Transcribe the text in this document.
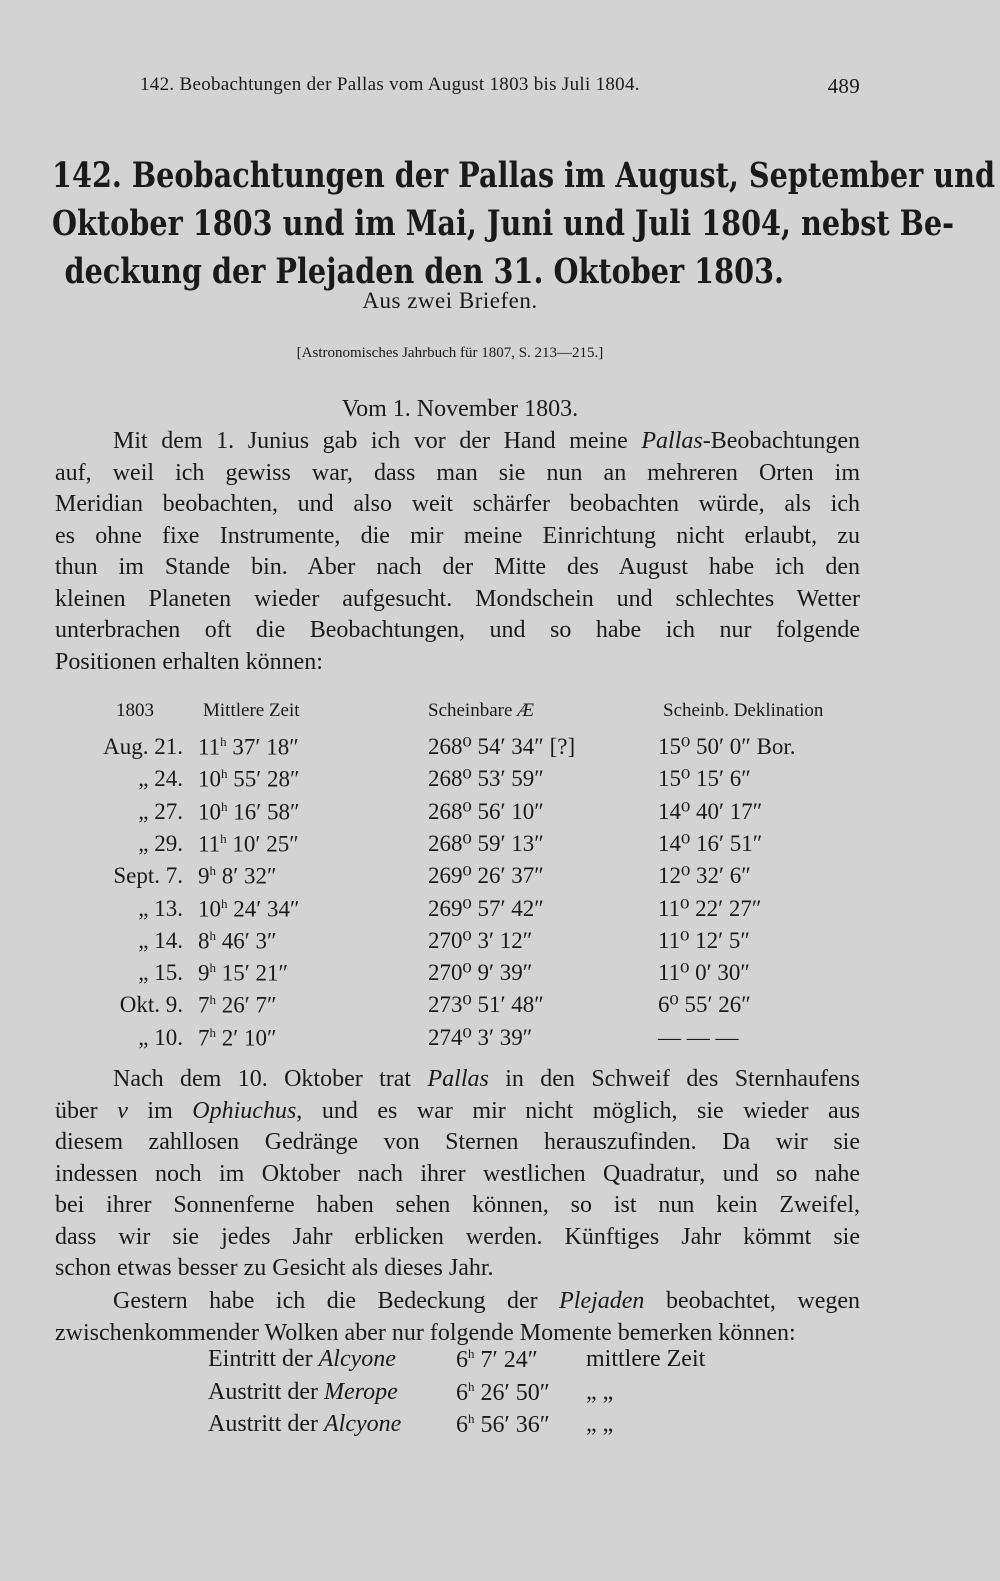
142. Beobachtungen der Pallas vom August 1803 bis Juli 1804.	489
142. Beobachtungen der Pallas im August, September und
Oktober 1803 und im Mai, Juni und Juli 1804, nebst Be-
deckung der Plejaden den 31. Oktober 1803.
Aus zwei Briefen.
[Astronomisches Jahrbuch für 1807, S. 213—215.]
Vom 1. November 1803.
Mit dem 1. Junius gab ich vor der Hand meine Pallas-Beobachtungen
auf, weil ich gewiss war, dass man sie nun an mehreren Orten im
Meridian beobachten, und also weit schärfer beobachten würde, als ich
es ohne fixe Instrumente, die mir meine Einrichtung nicht erlaubt, zu
thun im Stande bin. Aber nach der Mitte des August habe ich den
kleinen Planeten wieder aufgesucht. Mondschein und schlechtes Wetter
unterbrachen oft die Beobachtungen, und so habe ich nur folgende
Positionen erhalten können:
1803	Mittlere Zeit	Scheinbare Æ	Scheinb. Deklination
Aug. 21. 11$^h$ 37′ 18″	268⁰ 54′ 34″ [?]	15⁰ 50′ 0″ Bor.
„ 24. 10$^h$ 55′ 28″	268⁰ 53′ 59″	15⁰ 15′ 6″
„ 27. 10$^h$ 16′ 58″	268⁰ 56′ 10″	14⁰ 40′ 17″
„ 29. 11$^h$ 10′ 25″	268⁰ 59′ 13″	14⁰ 16′ 51″
Sept. 7. 9$^h$ 8′ 32″	269⁰ 26′ 37″	12⁰ 32′ 6″
„ 13. 10$^h$ 24′ 34″	269⁰ 57′ 42″	11⁰ 22′ 27″
„ 14. 8$^h$ 46′ 3″	270⁰ 3′ 12″	11⁰ 12′ 5″
„ 15. 9$^h$ 15′ 21″	270⁰ 9′ 39″	11⁰ 0′ 30″
Okt. 9. 7$^h$ 26′ 7″	273⁰ 51′ 48″	6⁰ 55′ 26″
„ 10. 7$^h$ 2′ 10″	274⁰ 3′ 39″	— — —
Nach dem 10. Oktober trat Pallas in den Schweif des Sternhaufens
über ν im Ophiuchus, und es war mir nicht möglich, sie wieder aus
diesem zahllosen Gedränge von Sternen herauszufinden. Da wir sie
indessen noch im Oktober nach ihrer westlichen Quadratur, und so nahe
bei ihrer Sonnenferne haben sehen können, so ist nun kein Zweifel,
dass wir sie jedes Jahr erblicken werden. Künftiges Jahr kömmt sie
schon etwas besser zu Gesicht als dieses Jahr.
Gestern habe ich die Bedeckung der Plejaden beobachtet, wegen
zwischenkommender Wolken aber nur folgende Momente bemerken können:
Eintritt der Alcyone	6$^h$ 7′ 24″ mittlere Zeit
Austritt der Merope 6$^h$ 26′ 50″ „ „
Austritt der Alcyone 6$^h$ 56′ 36″ „ „
